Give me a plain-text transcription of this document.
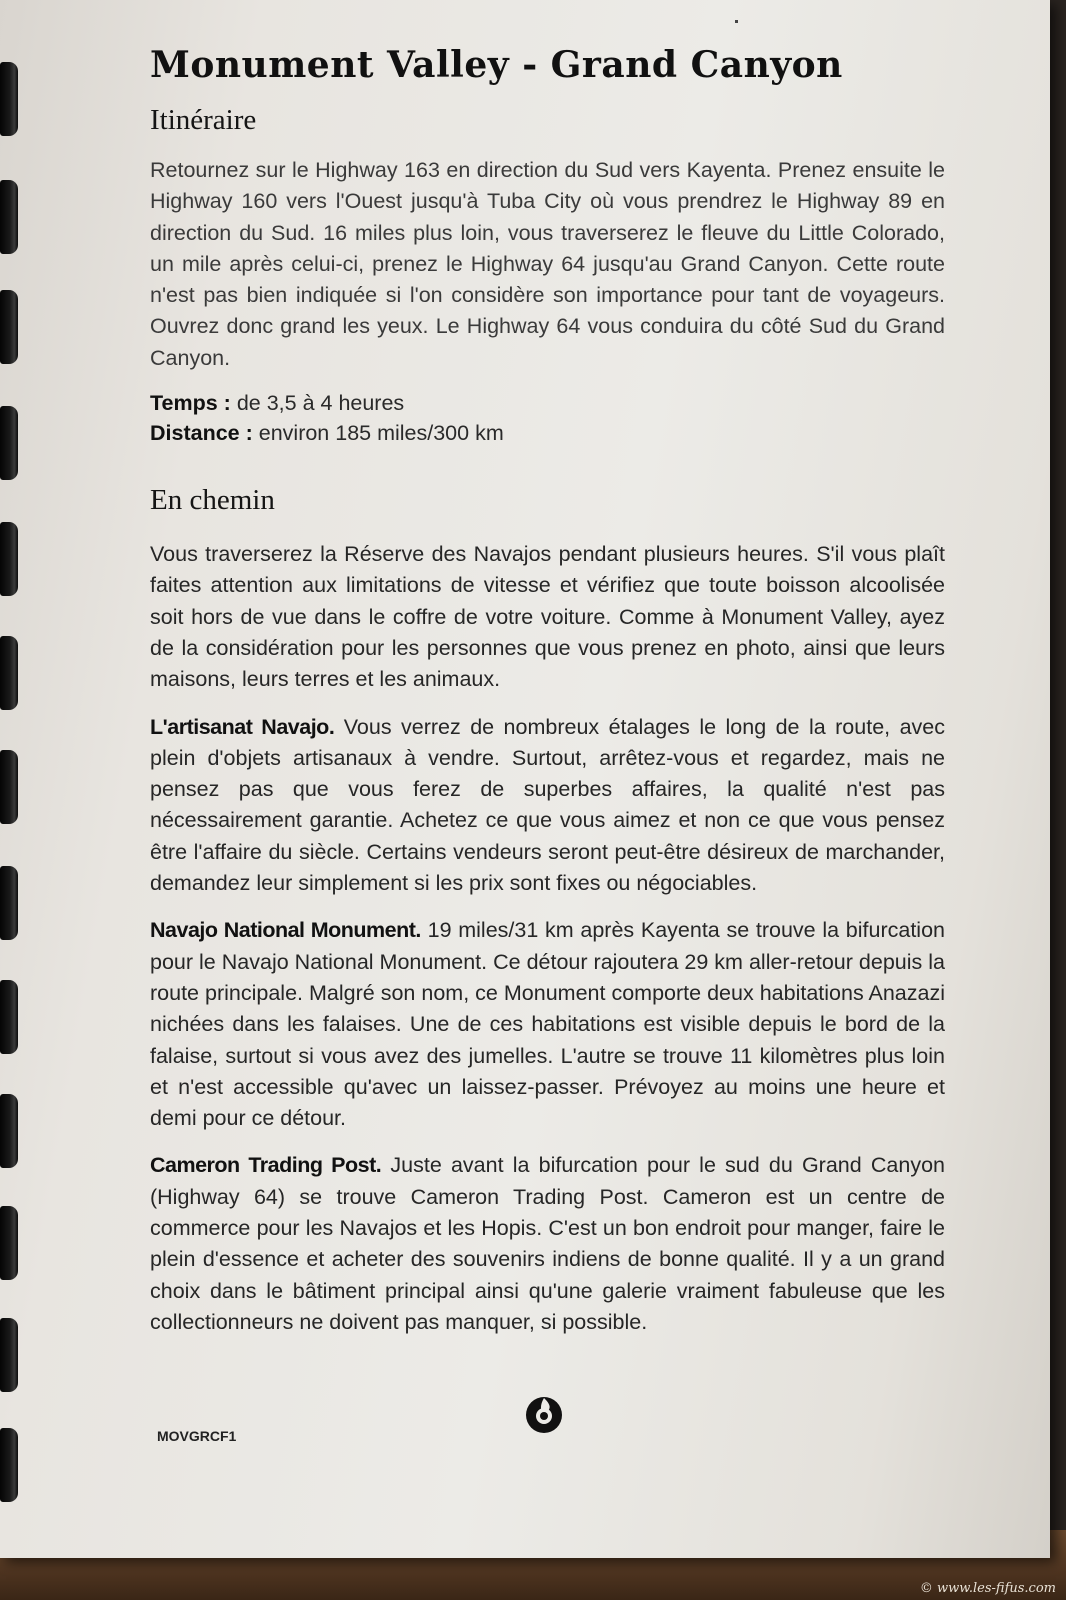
Monument Valley - Grand Canyon
Itinéraire

Retournez sur le Highway 163 en direction du Sud vers Kayenta. Prenez ensuite le Highway 160 vers l'Ouest jusqu'à Tuba City où vous prendrez le Highway 89 en direction du Sud. 16 miles plus loin, vous traverserez le fleuve du Little Colorado, un mile après celui-ci, prenez le Highway 64 jusqu'au Grand Canyon. Cette route n'est pas bien indiquée si l'on considère son importance pour tant de voyageurs. Ouvrez donc grand les yeux. Le Highway 64 vous conduira du côté Sud du Grand Canyon.

Temps : de 3,5 à 4 heures
Distance : environ 185 miles/300 km
En chemin

Vous traverserez la Réserve des Navajos pendant plusieurs heures. S'il vous plaît faites attention aux limitations de vitesse et vérifiez que toute boisson alcoolisée soit hors de vue dans le coffre de votre voiture. Comme à Monument Valley, ayez de la considération pour les personnes que vous prenez en photo, ainsi que leurs maisons, leurs terres et les animaux.

L'artisanat Navajo. Vous verrez de nombreux étalages le long de la route, avec plein d'objets artisanaux à vendre. Surtout, arrêtez-vous et regardez, mais ne pensez pas que vous ferez de superbes affaires, la qualité n'est pas nécessairement garantie. Achetez ce que vous aimez et non ce que vous pensez être l'affaire du siècle. Certains vendeurs seront peut-être désireux de marchander, demandez leur simplement si les prix sont fixes ou négociables.

Navajo National Monument. 19 miles/31 km après Kayenta se trouve la bifurcation pour le Navajo National Monument. Ce détour rajoutera 29 km aller-retour depuis la route principale. Malgré son nom, ce Monument comporte deux habitations Anazazi nichées dans les falaises. Une de ces habitations est visible depuis le bord de la falaise, surtout si vous avez des jumelles. L'autre se trouve 11 kilomètres plus loin et n'est accessible qu'avec un laissez-passer. Prévoyez au moins une heure et demi pour ce détour.

Cameron Trading Post. Juste avant la bifurcation pour le sud du Grand Canyon (Highway 64) se trouve Cameron Trading Post. Cameron est un centre de commerce pour les Navajos et les Hopis. C'est un bon endroit pour manger, faire le plein d'essence et acheter des souvenirs indiens de bonne qualité. Il y a un grand choix dans le bâtiment principal ainsi qu'une galerie vraiment fabuleuse que les collectionneurs ne doivent pas manquer, si possible.

MOVGRCF1
© www.les-fifus.com
